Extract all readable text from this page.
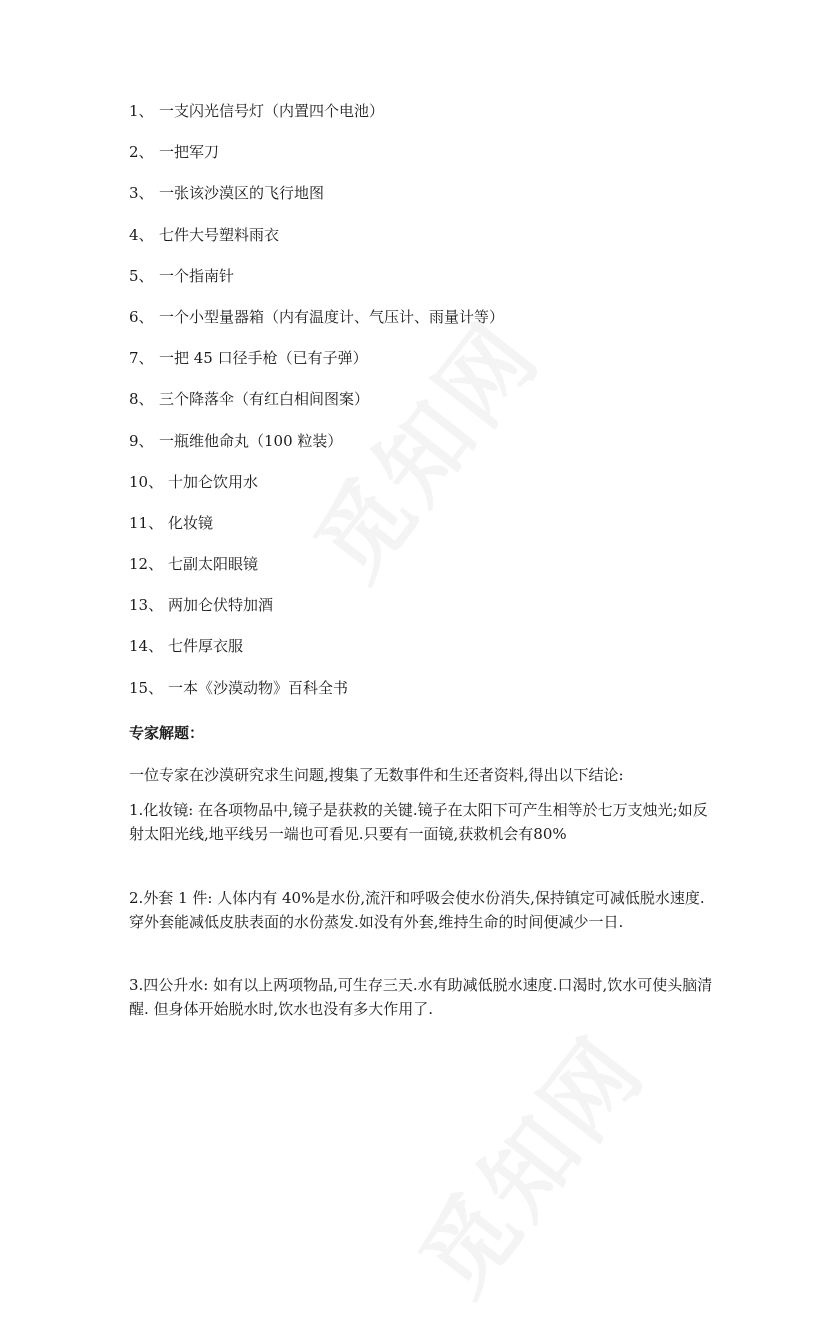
1、 一支闪光信号灯（内置四个电池）
2、 一把军刀
3、 一张该沙漠区的飞行地图
4、 七件大号塑料雨衣
5、 一个指南针
6、 一个小型量器箱（内有温度计、气压计、雨量计等）
7、 一把 45 口径手枪（已有子弹）
8、 三个降落伞（有红白相间图案）
9、 一瓶维他命丸（100 粒装）
10、 十加仑饮用水
11、 化妆镜
12、 七副太阳眼镜
13、 两加仑伏特加酒
14、 七件厚衣服
15、 一本《沙漠动物》百科全书
专家解题：
一位专家在沙漠研究求生问题,搜集了无数事件和生还者资料,得出以下结论:
1.化妆镜: 在各项物品中,镜子是获救的关键.镜子在太阳下可产生相等於七万支烛光;如反射太阳光线,地平线另一端也可看见.只要有一面镜,获救机会有80%
2.外套 1 件: 人体内有 40%是水份,流汗和呼吸会使水份消失,保持镇定可减低脱水速度.穿外套能减低皮肤表面的水份蒸发.如没有外套,维持生命的时间便减少一日.
3.四公升水: 如有以上两项物品,可生存三天.水有助减低脱水速度.口渴时,饮水可使头脑清醒. 但身体开始脱水时,饮水也没有多大作用了.
